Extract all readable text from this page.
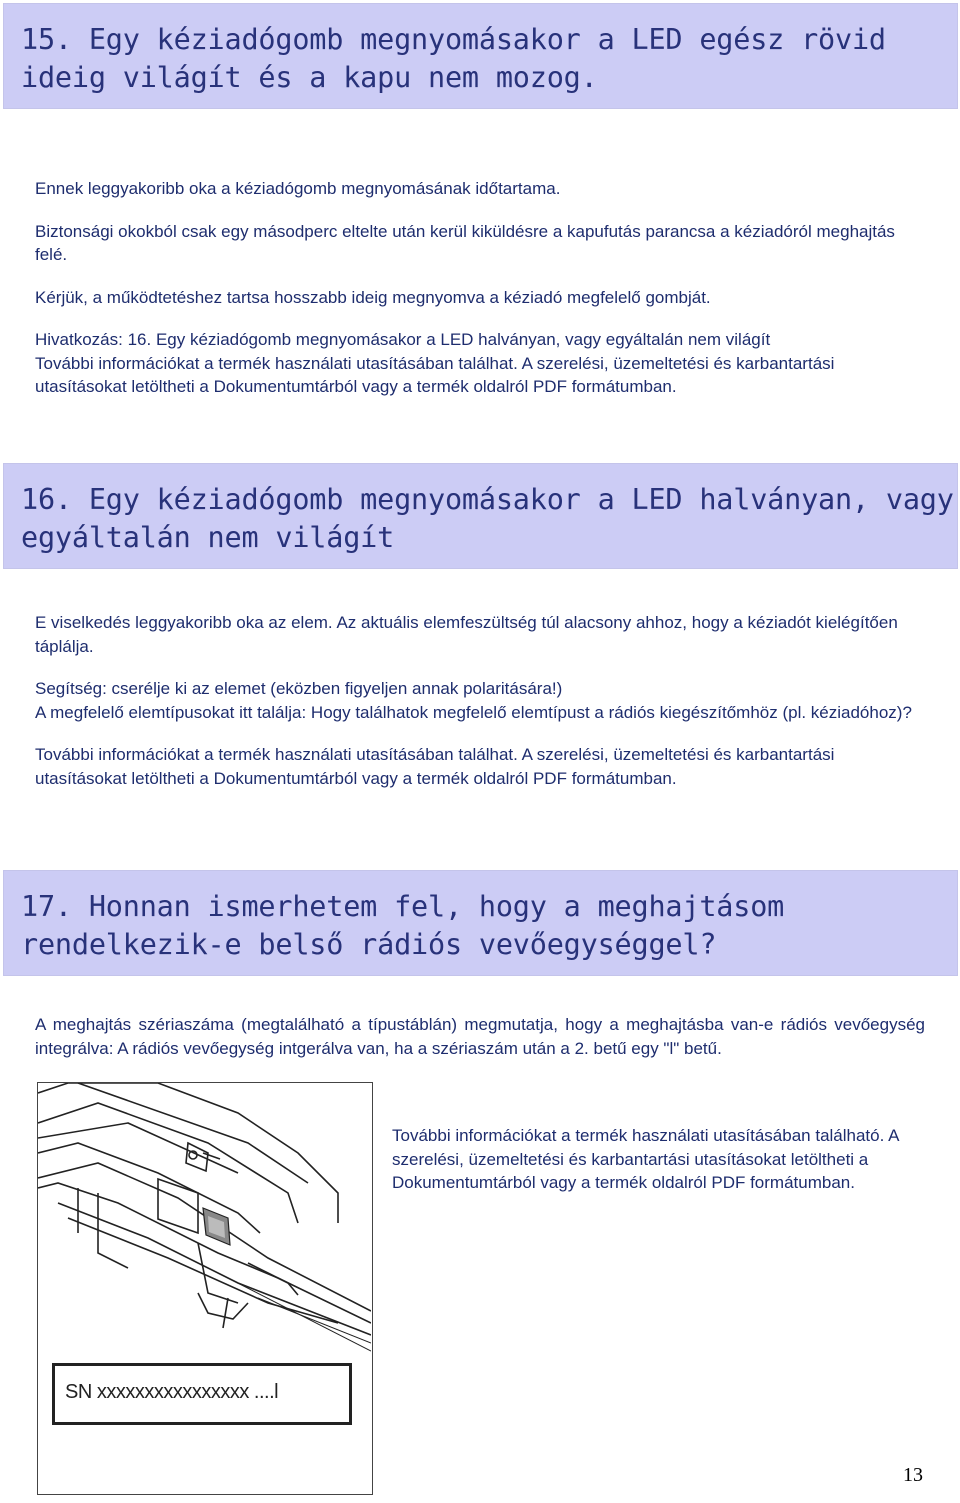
15. Egy kéziadógomb megnyomásakor a LED egész rövid ideig világít és a kapu nem mozog.

Ennek leggyakoribb oka a kéziadógomb megnyomásának időtartama.

Biztonsági okokból csak egy másodperc eltelte után kerül kiküldésre a kapufutás parancsa a kéziadóról meghajtás felé.

Kérjük, a működtetéshez tartsa hosszabb ideig megnyomva a kéziadó megfelelő gombját.

Hivatkozás: 16. Egy kéziadógomb megnyomásakor a LED halványan, vagy egyáltalán nem világít

További információkat a termék használati utasításában találhat. A szerelési, üzemeltetési és karbantartási utasításokat letöltheti a Dokumentumtárból vagy a termék oldalról PDF formátumban.

16. Egy kéziadógomb megnyomásakor a LED halványan, vagy egyáltalán nem világít

E viselkedés leggyakoribb oka az elem. Az aktuális elemfeszültség túl alacsony ahhoz, hogy a kéziadót kielégítően táplálja.

Segítség: cserélje ki az elemet (eközben figyeljen annak polaritására!)

A megfelelő elemtípusokat itt találja: Hogy találhatok megfelelő elemtípust a rádiós kiegészítőmhöz (pl. kéziadóhoz)?

További információkat a termék használati utasításában találhat. A szerelési, üzemeltetési és karbantartási utasításokat letöltheti a Dokumentumtárból vagy a termék oldalról PDF formátumban.

17. Honnan ismerhetem fel, hogy a meghajtásom rendelkezik-e belső rádiós vevőegységgel?

A meghajtás szériaszáma (megtalálható a típustáblán) megmutatja, hogy a meghajtásba van-e rádiós vevőegység integrálva: A rádiós vevőegység intgerálva van, ha a szériaszám után a 2. betű egy "l" betű.

SN xxxxxxxxxxxxxxxx ....l

További információkat a termék használati utasításában található. A szerelési, üzemeltetési és karbantartási utasításokat letöltheti a Dokumentumtárból vagy a termék oldalról PDF formátumban.

13
